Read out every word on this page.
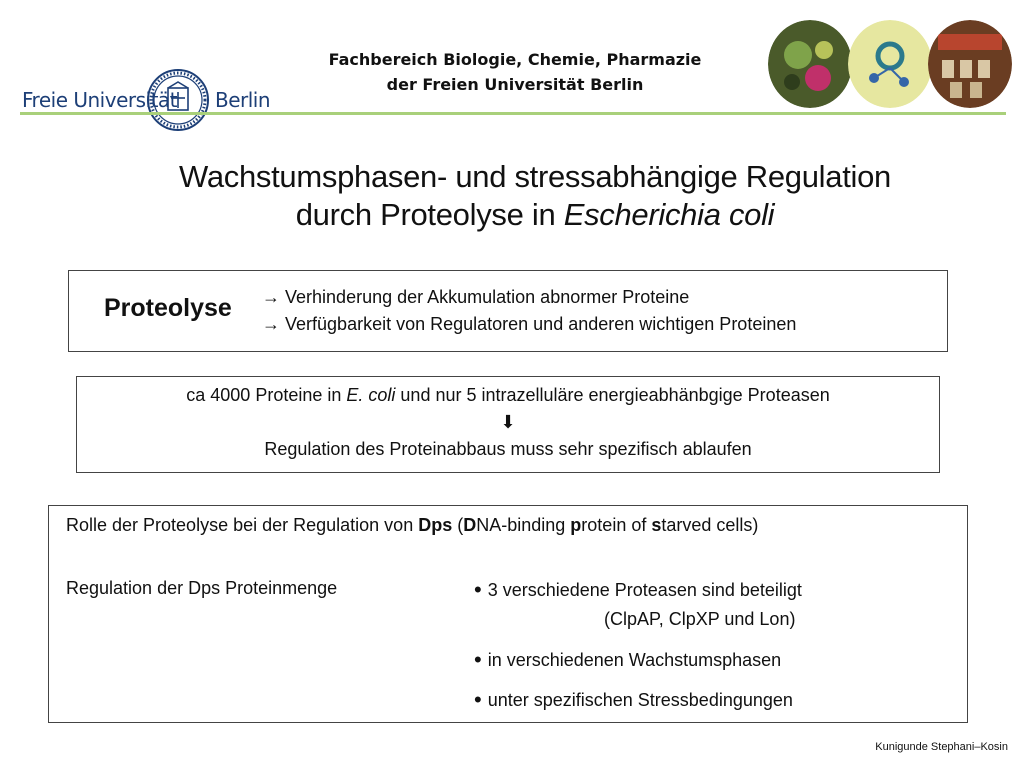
Freie Universität Berlin
Fachbereich Biologie, Chemie, Pharmazie
der Freien Universität Berlin
Wachstumsphasen- und stressabhängige Regulation
durch Proteolyse in Escherichia coli
Proteolyse → Verhinderung der Akkumulation abnormer Proteine
→ Verfügbarkeit von Regulatoren und anderen wichtigen Proteinen
ca 4000 Proteine in E. coli und nur 5 intrazelluläre energieabhänbgige Proteasen
⬇
Regulation des Proteinabbaus muss sehr spezifisch ablaufen
Rolle der Proteolyse bei der Regulation von Dps (DNA-binding protein of starved cells)
Regulation der Dps Proteinmenge	• 3 verschiedene Proteasen sind beteiligt
(ClpAP, ClpXP und Lon)
• in verschiedenen Wachstumsphasen
• unter spezifischen Stressbedingungen
Kunigunde Stephani–Kosin
